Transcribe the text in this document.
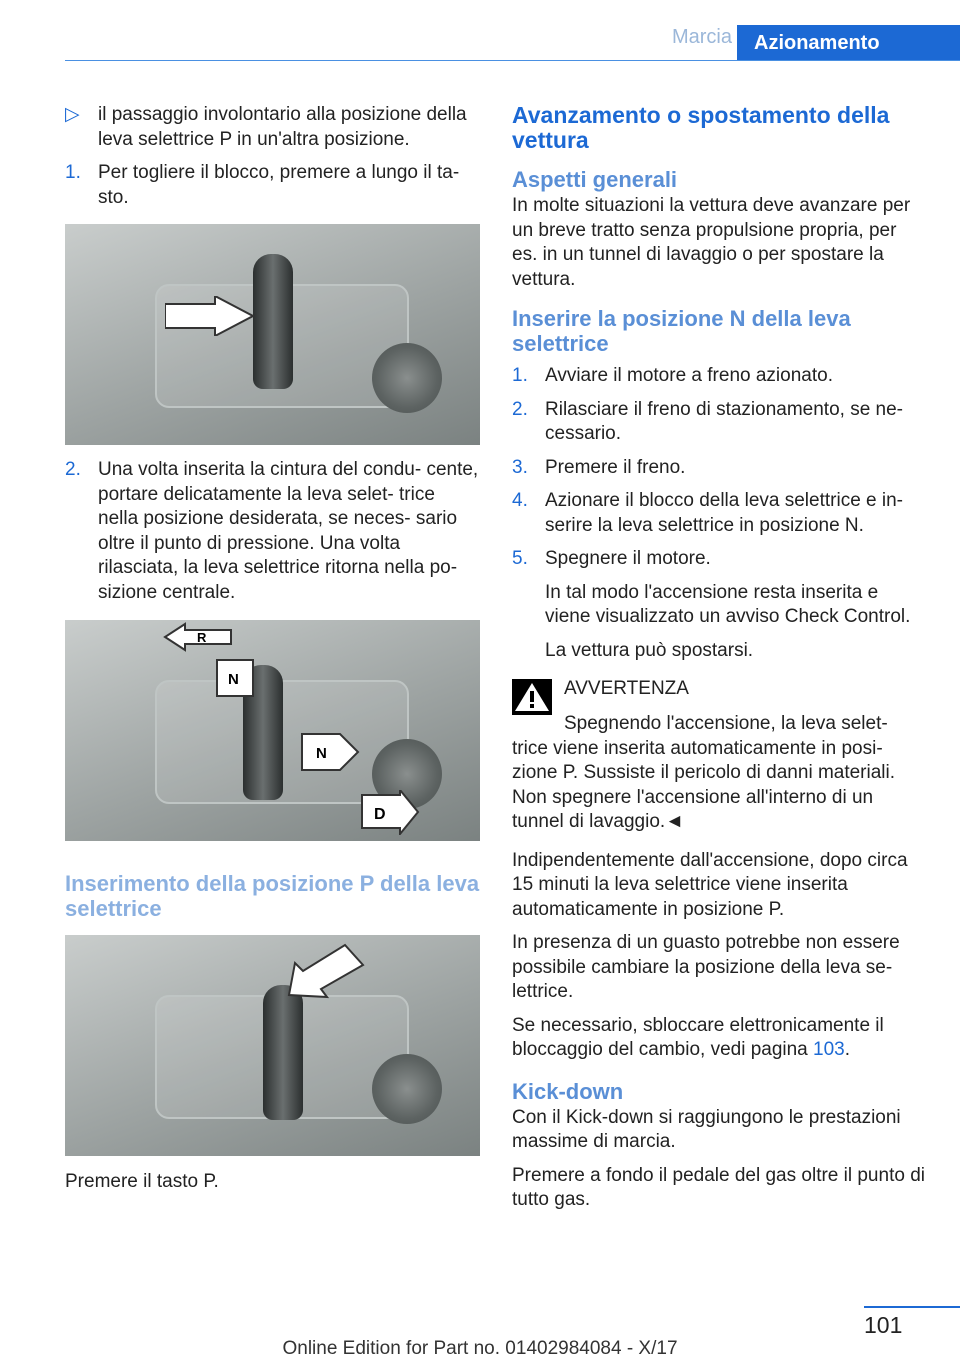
Marcia	Azionamento
▷ il passaggio involontario alla posizione della leva selettrice P in un'altra posizione.
1. Per togliere il blocco, premere a lungo il ta- sto.
2. Una volta inserita la cintura del condu- cente, portare delicatamente la leva selet- trice nella posizione desiderata, se neces- sario oltre il punto di pressione. Una volta rilasciata, la leva selettrice ritorna nella po- sizione centrale.
R
N
N
D
Inserimento della posizione P della leva selettrice

Premere il tasto P.

Avanzamento o spostamento della vettura
Aspetti generali

In molte situazioni la vettura deve avanzare per un breve tratto senza propulsione propria, per es. in un tunnel di lavaggio o per spostare la vettura.

Inserire la posizione N della leva selettrice
1. Avviare il motore a freno azionato.
2. Rilasciare il freno di stazionamento, se ne- cessario.
3. Premere il freno.
4. Azionare il blocco della leva selettrice e in- serire la leva selettrice in posizione N.
5. Spegnere il motore.

In tal modo l'accensione resta inserita e viene visualizzato un avviso Check Control.

La vettura può spostarsi.

AVVERTENZA

Spegnendo l'accensione, la leva selet- trice viene inserita automaticamente in posi- zione P. Sussiste il pericolo di danni materiali. Non spegnere l'accensione all'interno di un tunnel di lavaggio.◄

Indipendentemente dall'accensione, dopo circa 15 minuti la leva selettrice viene inserita automaticamente in posizione P.

In presenza di un guasto potrebbe non essere possibile cambiare la posizione della leva se- lettrice.

Se necessario, sbloccare elettronicamente il bloccaggio del cambio, vedi pagina 103.

Kick-down

Con il Kick-down si raggiungono le prestazioni massime di marcia.

Premere a fondo il pedale del gas oltre il punto di tutto gas.

101
Online Edition for Part no. 01402984084 - X/17
